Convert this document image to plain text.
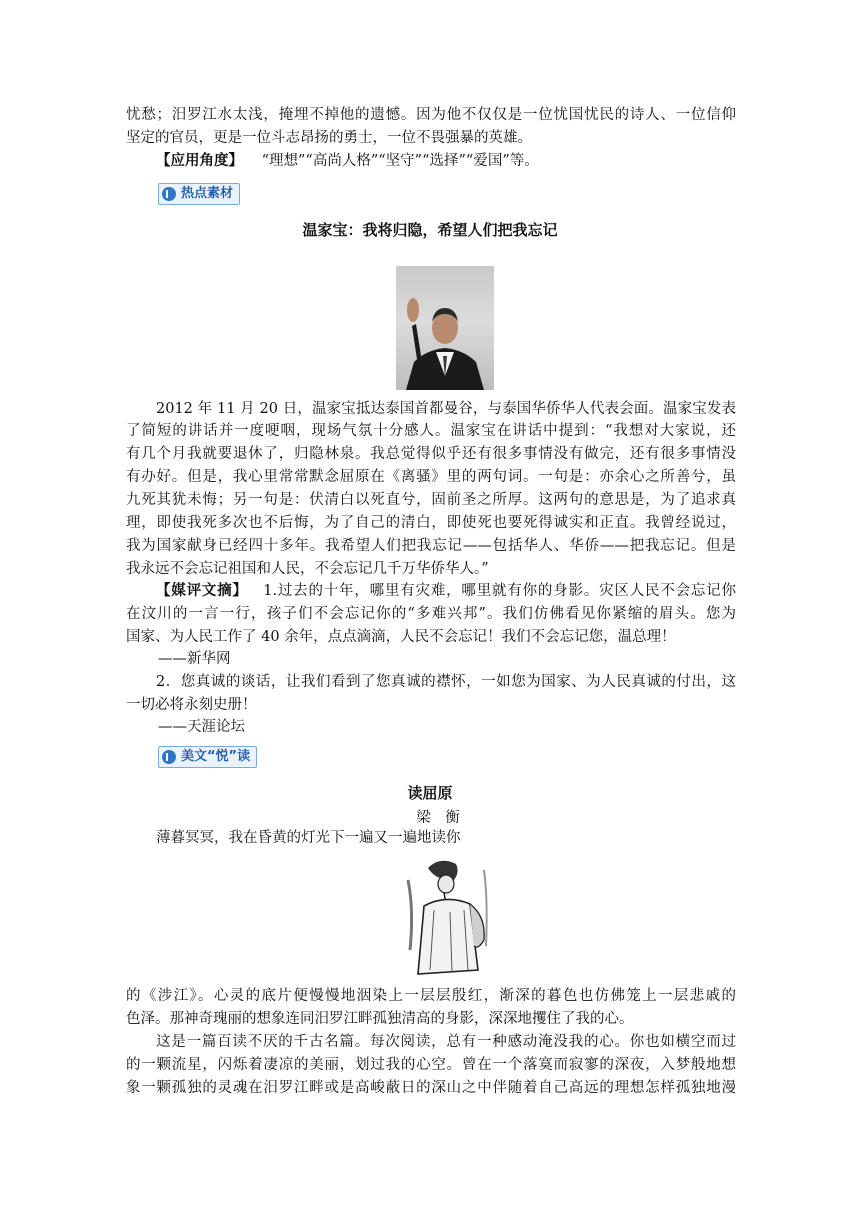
忧愁；汨罗江水太浅，掩埋不掉他的遗憾。因为他不仅仅是一位忧国忧民的诗人、一位信仰
坚定的官员，更是一位斗志昂扬的勇士，一位不畏强暴的英雄。
【应用角度】 “理想”“高尚人格”“坚守”“选择”“爱国”等。
热点素材
温家宝：我将归隐，希望人们把我忘记
2012 年 11 月 20 日，温家宝抵达泰国首都曼谷，与泰国华侨华人代表会面。温家宝发表
了简短的讲话并一度哽咽，现场气氛十分感人。温家宝在讲话中提到：“我想对大家说，还
有几个月我就要退休了，归隐林泉。我总觉得似乎还有很多事情没有做完，还有很多事情没
有办好。但是，我心里常常默念屈原在《离骚》里的两句词。一句是：亦余心之所善兮，虽
九死其犹未悔；另一句是：伏清白以死直兮，固前圣之所厚。这两句的意思是，为了追求真
理，即使我死多次也不后悔，为了自己的清白，即使死也要死得诚实和正直。我曾经说过，
我为国家献身已经四十多年。我希望人们把我忘记——包括华人、华侨——把我忘记。但是
我永远不会忘记祖国和人民，不会忘记几千万华侨华人。”
【媒评文摘】 1.过去的十年，哪里有灾难，哪里就有你的身影。灾区人民不会忘记你
在汶川的一言一行，孩子们不会忘记你的“多难兴邦”。我们仿佛看见你紧缩的眉头。您为
国家、为人民工作了 40 余年，点点滴滴，人民不会忘记！我们不会忘记您，温总理！
——新华网
2．您真诚的谈话，让我们看到了您真诚的襟怀，一如您为国家、为人民真诚的付出，这
一切必将永刻史册！
——天涯论坛
美文“悦”读
读屈原
梁　衡
薄暮冥冥，我在昏黄的灯光下一遍又一遍地读你
的《涉江》。心灵的底片便慢慢地洇染上一层层殷红，渐深的暮色也仿佛笼上一层悲戚的
色泽。那神奇瑰丽的想象连同汨罗江畔孤独清高的身影，深深地攫住了我的心。
这是一篇百读不厌的千古名篇。每次阅读，总有一种感动淹没我的心。你也如横空而过
的一颗流星，闪烁着凄凉的美丽，划过我的心空。曾在一个落寞而寂寥的深夜，入梦般地想
象一颗孤独的灵魂在汨罗江畔或是高峻蔽日的深山之中伴随着自己高远的理想怎样孤独地漫
